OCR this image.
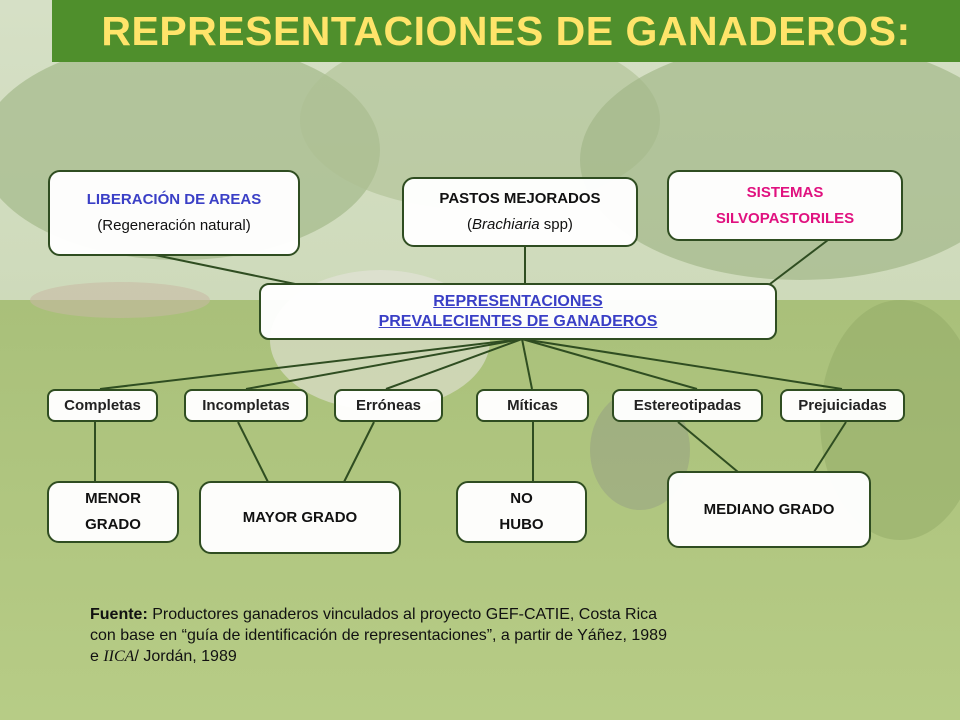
REPRESENTACIONES DE GANADEROS:
LIBERACIÓN DE AREAS
(Regeneración natural)
PASTOS MEJORADOS
(Brachiaria spp)
SISTEMAS
SILVOPASTORILES
REPRESENTACIONES
PREVALECIENTES DE GANADEROS
Completas	Incompletas	Erróneas	Míticas	Estereotipadas	Prejuiciadas
MENOR
GRADO	MAYOR GRADO
NO
HUBO
MEDIANO GRADO
Fuente: Productores ganaderos vinculados al proyecto GEF-CATIE, Costa Rica
con base en “guía de identificación de representaciones”, a partir de Yáñez, 1989
e IICA/ Jordán, 1989
